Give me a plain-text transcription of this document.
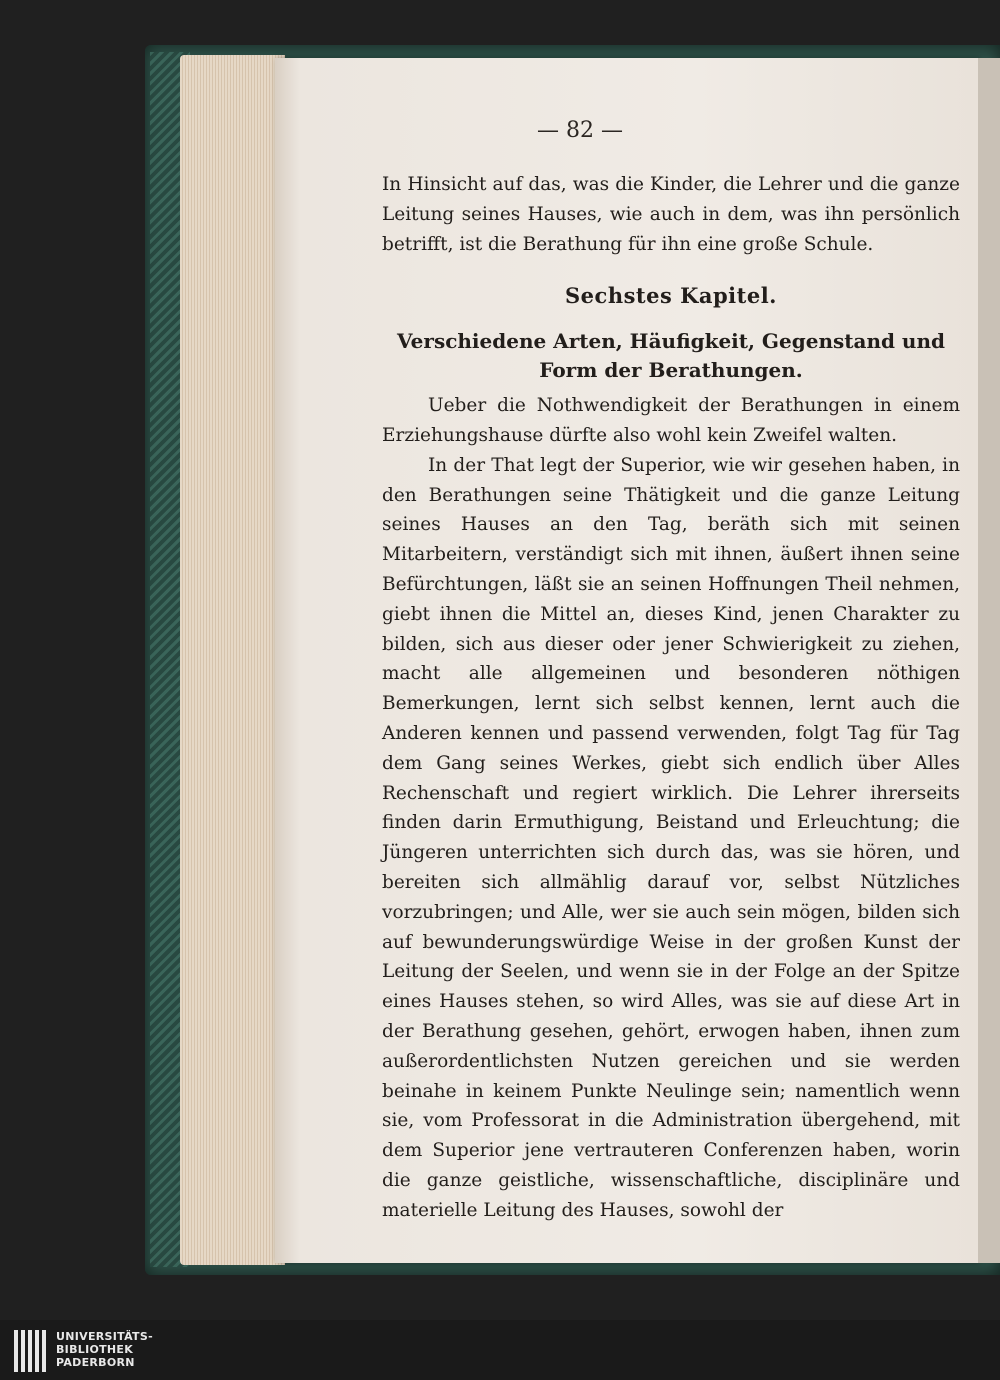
— 82 —

In Hinsicht auf das, was die Kinder, die Lehrer und die ganze Leitung seines Hauses, wie auch in dem, was ihn persönlich betrifft, ist die Berathung für ihn eine große Schule.

Sechstes Kapitel.
Verschiedene Arten, Häufigkeit, Gegenstand und Form der Berathungen.

Ueber die Nothwendigkeit der Berathungen in einem Erziehungshause dürfte also wohl kein Zweifel walten.

In der That legt der Superior, wie wir gesehen haben, in den Berathungen seine Thätigkeit und die ganze Leitung seines Hauses an den Tag, beräth sich mit seinen Mitarbeitern, verständigt sich mit ihnen, äußert ihnen seine Befürchtungen, läßt sie an seinen Hoffnungen Theil nehmen, giebt ihnen die Mittel an, dieses Kind, jenen Charakter zu bilden, sich aus dieser oder jener Schwierigkeit zu ziehen, macht alle allgemeinen und besonderen nöthigen Bemerkungen, lernt sich selbst kennen, lernt auch die Anderen kennen und passend verwenden, folgt Tag für Tag dem Gang seines Werkes, giebt sich endlich über Alles Rechenschaft und regiert wirklich. Die Lehrer ihrerseits finden darin Ermuthigung, Beistand und Erleuchtung; die Jüngeren unterrichten sich durch das, was sie hören, und bereiten sich allmählig darauf vor, selbst Nützliches vorzubringen; und Alle, wer sie auch sein mögen, bilden sich auf bewunderungswürdige Weise in der großen Kunst der Leitung der Seelen, und wenn sie in der Folge an der Spitze eines Hauses stehen, so wird Alles, was sie auf diese Art in der Berathung gesehen, gehört, erwogen haben, ihnen zum außerordentlichsten Nutzen gereichen und sie werden beinahe in keinem Punkte Neulinge sein; namentlich wenn sie, vom Professorat in die Administration übergehend, mit dem Superior jene vertrauteren Conferenzen haben, worin die ganze geistliche, wissenschaftliche, disciplinäre und materielle Leitung des Hauses, sowohl der

UNIVERSITÄTS-
BIBLIOTHEK
PADERBORN
